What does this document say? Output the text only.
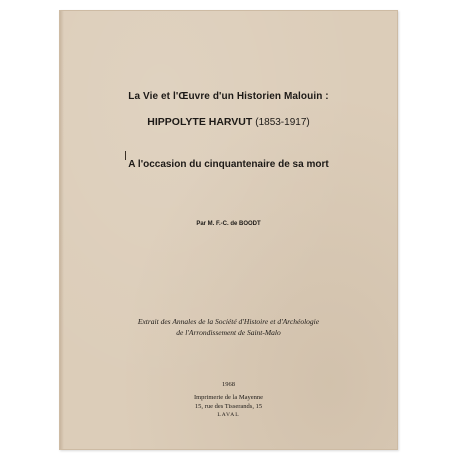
La Vie et l'Œuvre d'un Historien Malouin :
HIPPOLYTE HARVUT (1853-1917)
A l'occasion du cinquantenaire de sa mort
Par M. F.-C. de BOODT
Extrait des Annales de la Société d'Histoire et d'Archéologie
de l'Arrondissement de Saint-Malo
1968
Imprimerie de la Mayenne
15, rue des Tisserands, 15
LAVAL
